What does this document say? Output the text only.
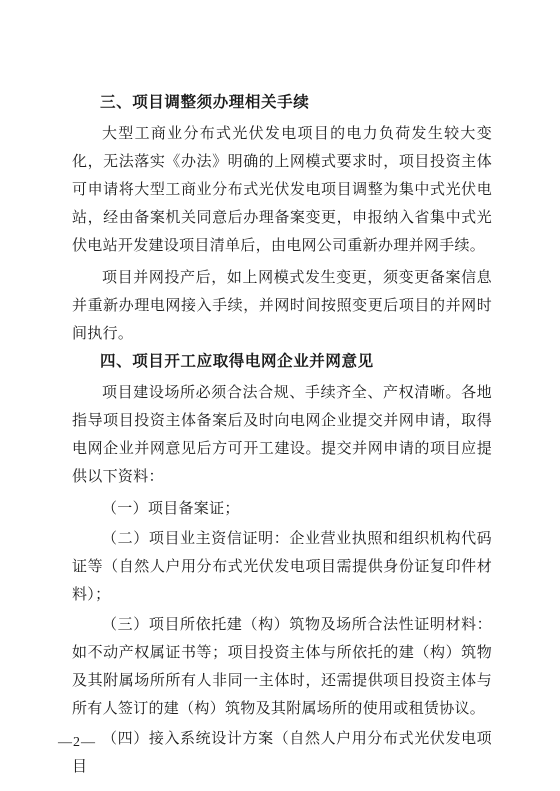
三、项目调整须办理相关手续

大型工商业分布式光伏发电项目的电力负荷发生较大变化，无法落实《办法》明确的上网模式要求时，项目投资主体可申请将大型工商业分布式光伏发电项目调整为集中式光伏电站，经由备案机关同意后办理备案变更，申报纳入省集中式光伏电站开发建设项目清单后，由电网公司重新办理并网手续。

项目并网投产后，如上网模式发生变更，须变更备案信息并重新办理电网接入手续，并网时间按照变更后项目的并网时间执行。

四、项目开工应取得电网企业并网意见

项目建设场所必须合法合规、手续齐全、产权清晰。各地指导项目投资主体备案后及时向电网企业提交并网申请，取得电网企业并网意见后方可开工建设。提交并网申请的项目应提供以下资料：

（一）项目备案证；

（二）项目业主资信证明：企业营业执照和组织机构代码证等（自然人户用分布式光伏发电项目需提供身份证复印件材料）；

（三）项目所依托建（构）筑物及场所合法性证明材料：如不动产权属证书等；项目投资主体与所依托的建（构）筑物及其附属场所所有人非同一主体时，还需提供项目投资主体与所有人签订的建（构）筑物及其附属场所的使用或租赁协议。

（四）接入系统设计方案（自然人户用分布式光伏发电项目

—2—
